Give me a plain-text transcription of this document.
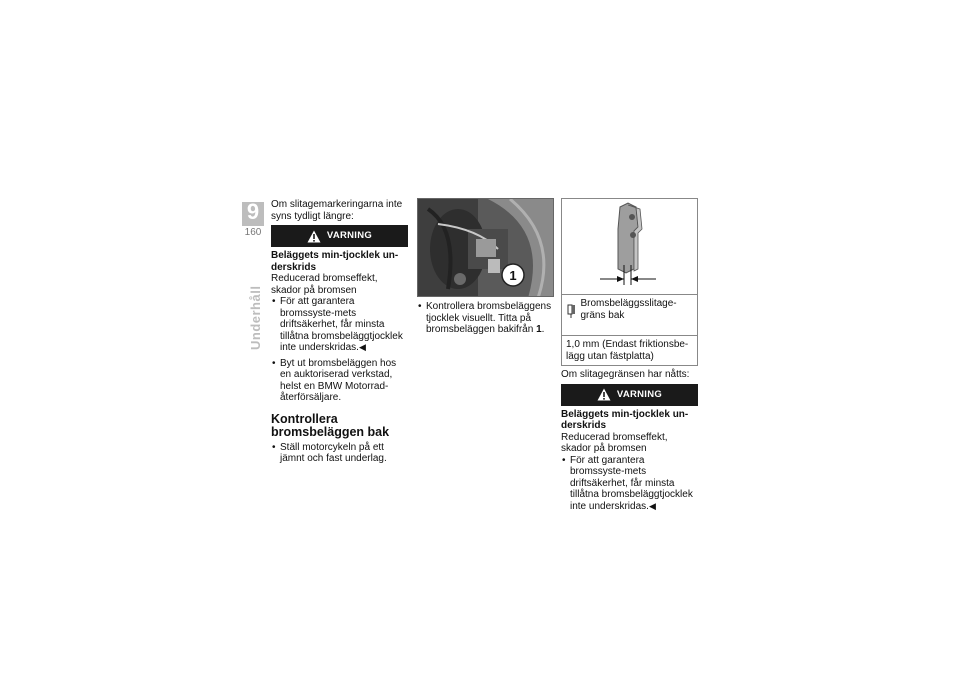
9
160
Underhåll

Om slitagemarkeringarna inte syns tydligt längre:

VARNING

Beläggets min-tjocklek un-derskrids

Reducerad bromseffekt, skador på bromsen

• För att garantera bromssyste-mets driftsäkerhet, får minsta tillåtna bromsbeläggtjocklek inte underskridas.◀

• Byt ut bromsbeläggen hos en auktoriserad verkstad, helst en BMW Motorrad-återförsäljare.

Kontrollera bromsbeläggen bak

• Ställ motorcykeln på ett jämnt och fast underlag.

1

• Kontrollera bromsbeläggens tjocklek visuellt. Titta på bromsbeläggen bakifrån 1.

Bromsbeläggsslitage-gräns bak
1,0 mm (Endast friktionsbe-lägg utan fästplatta)

Om slitagegränsen har nåtts:

VARNING

Beläggets min-tjocklek un-derskrids

Reducerad bromseffekt, skador på bromsen

• För att garantera bromssyste-mets driftsäkerhet, får minsta tillåtna bromsbeläggtjocklek inte underskridas.◀
